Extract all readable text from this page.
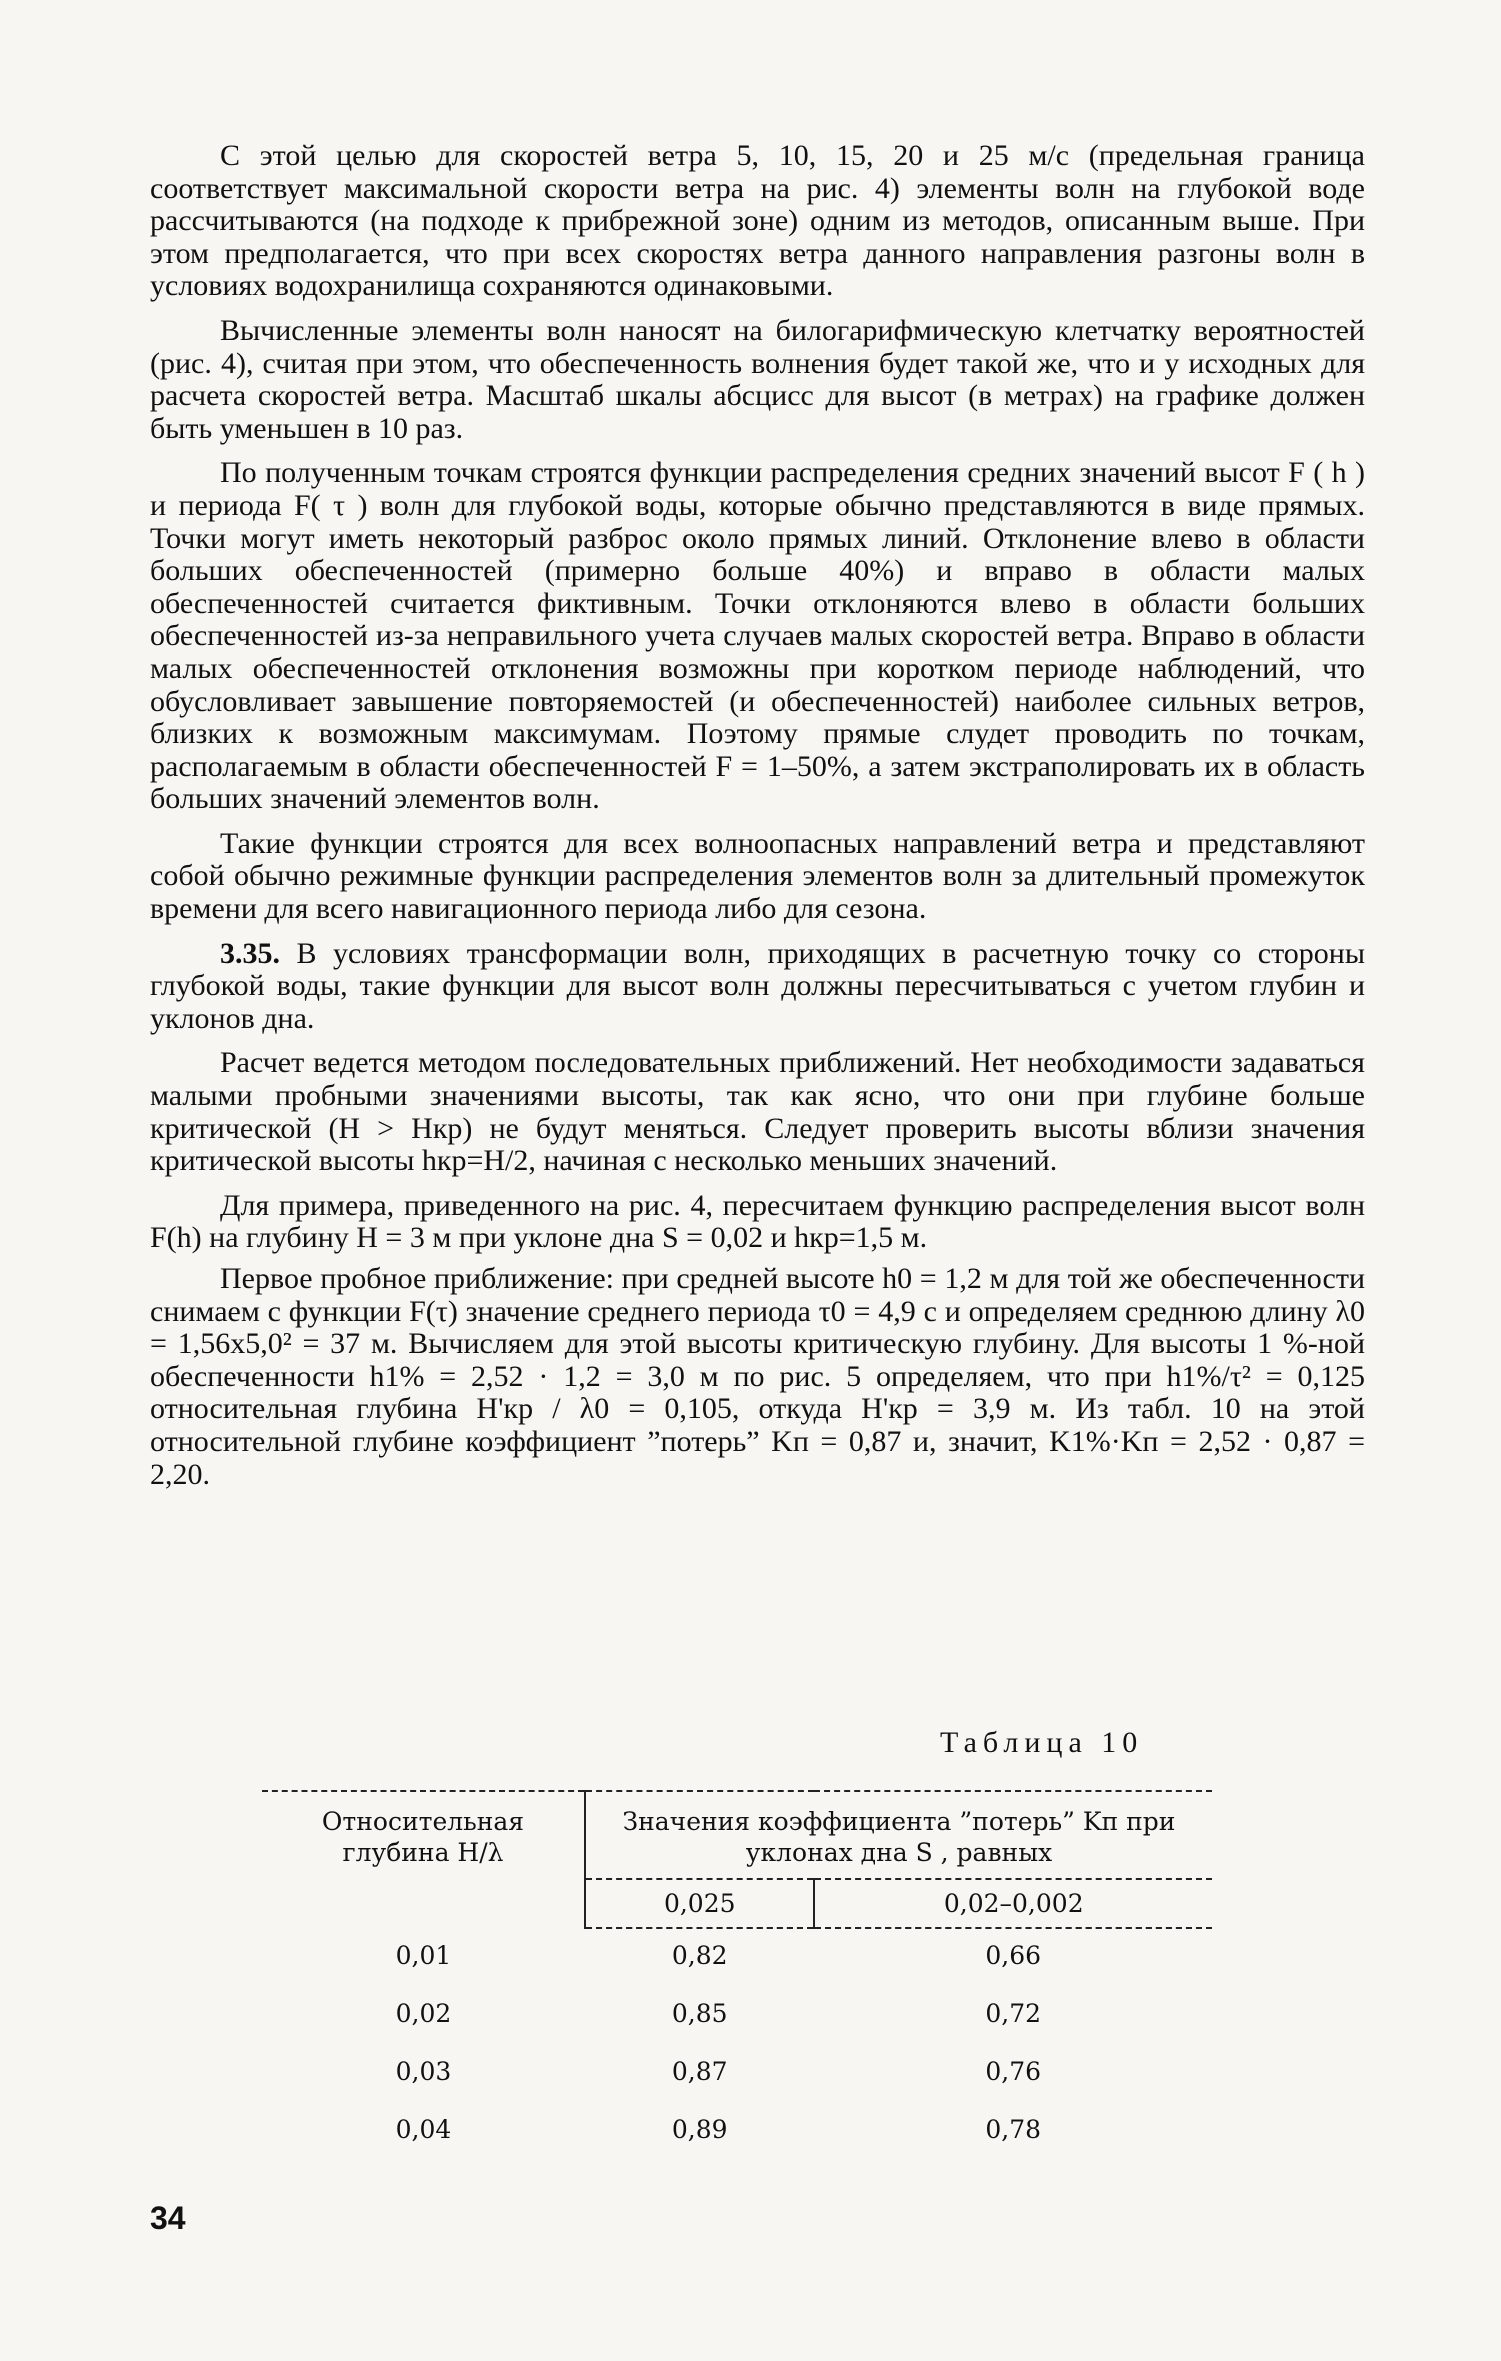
С этой целью для скоростей ветра 5, 10, 15, 20 и 25 м/с (предельная граница соответствует максимальной скорости ветра на рис. 4) элементы волн на глубокой воде рассчитываются (на подходе к прибрежной зоне) одним из методов, описанным выше. При этом предполагается, что при всех скоростях ветра данного направления разгоны волн в условиях водохранилища сохраняются одинаковыми.

Вычисленные элементы волн наносят на билогарифмическую клетчатку вероятностей (рис. 4), считая при этом, что обеспеченность волнения будет такой же, что и у исходных для расчета скоростей ветра. Масштаб шкалы абсцисс для высот (в метрах) на графике должен быть уменьшен в 10 раз.

По полученным точкам строятся функции распределения средних значений высот F ( h ) и периода F( τ ) волн для глубокой воды, которые обычно представляются в виде прямых. Точки могут иметь некоторый разброс около прямых линий. Отклонение влево в области больших обеспеченностей (примерно больше 40%) и вправо в области малых обеспеченностей считается фиктивным. Точки отклоняются влево в области больших обеспеченностей из-за неправильного учета случаев малых скоростей ветра. Вправо в области малых обеспеченностей отклонения возможны при коротком периоде наблюдений, что обусловливает завышение повторяемостей (и обеспеченностей) наиболее сильных ветров, близких к возможным максимумам. Поэтому прямые слудет проводить по точкам, располагаемым в области обеспеченностей F = 1–50%, а затем экстраполировать их в область больших значений элементов волн.

Такие функции строятся для всех волноопасных направлений ветра и представляют собой обычно режимные функции распределения элементов волн за длительный промежуток времени для всего навигационного периода либо для сезона.

3.35. В условиях трансформации волн, приходящих в расчетную точку со стороны глубокой воды, такие функции для высот волн должны пересчитываться с учетом глубин и уклонов дна.

Расчет ведется методом последовательных приближений. Нет необходимости задаваться малыми пробными значениями высоты, так как ясно, что они при глубине больше критической (H > Hкр) не будут меняться. Следует проверить высоты вблизи значения критической высоты hкр=H/2, начиная с несколько меньших значений.

Для примера, приведенного на рис. 4, пересчитаем функцию распределения высот волн F(h) на глубину H = 3 м при уклоне дна S = 0,02 и hкр=1,5 м.

Первое пробное приближение: при средней высоте h0 = 1,2 м для той же обеспеченности снимаем с функции F(τ) значение среднего периода τ0 = 4,9 с и определяем среднюю длину λ0 = 1,56х5,0² = 37 м. Вычисляем для этой высоты критическую глубину. Для высоты 1 %-ной обеспеченности h1% = 2,52 · 1,2 = 3,0 м по рис. 5 определяем, что при h1%/τ² = 0,125 относительная глубина H'кр / λ0 = 0,105, откуда H'кр = 3,9 м. Из табл. 10 на этой относительной глубине коэффициент ”потерь” Kп = 0,87 и, значит, K1%·Kп = 2,52 · 0,87 = 2,20.

Таблица 10
Относительная глубина H/λ	Значения коэффициента ”потерь” Kп при уклонах дна S , равных	
	0,025	0,02–0,002
0,01	0,82	0,66
0,02	0,85	0,72
0,03	0,87	0,76
0,04	0,89	0,78
34
